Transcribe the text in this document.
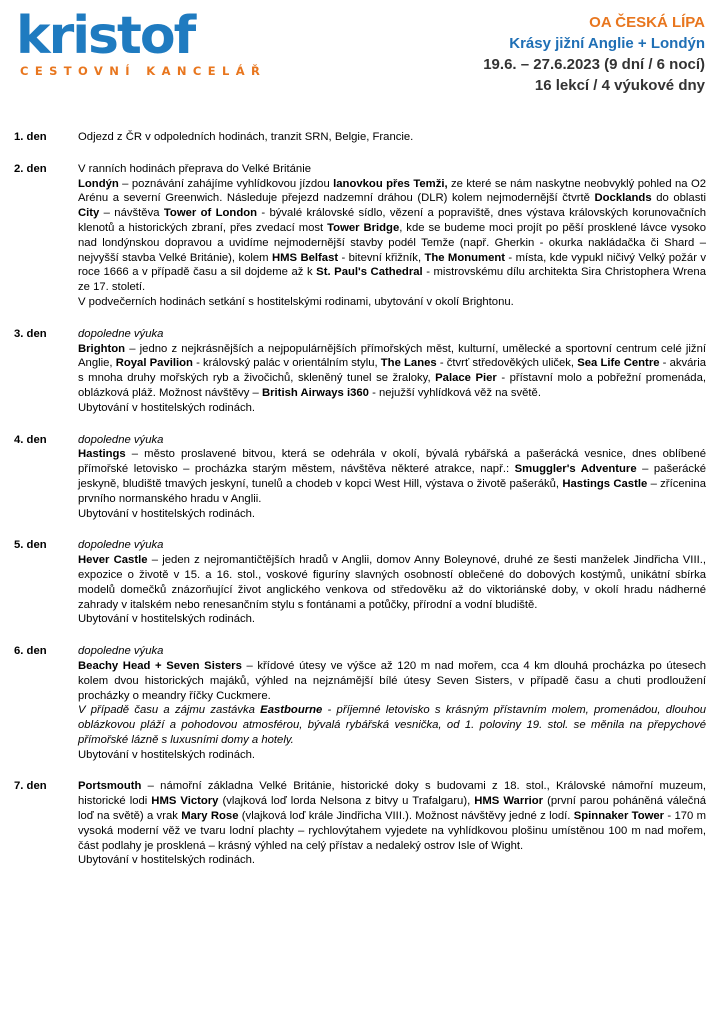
kristof
CESTOVNÍ KANCELÁŘ
OA ČESKÁ LÍPA
Krásy jižní Anglie + Londýn
19.6. – 27.6.2023 (9 dní / 6 nocí)
16 lekcí / 4 výukové dny
1. den	Odjezd z ČR v odpoledních hodinách, tranzit SRN, Belgie, Francie.

2. den	V ranních hodinách přeprava do Velké Británie

Londýn – poznávání zahájíme vyhlídkovou jízdou lanovkou přes Temži, ze které se nám naskytne neobvyklý pohled na O2 Arénu a severní Greenwich. Následuje přejezd nadzemní dráhou (DLR) kolem nejmodernější čtvrtě Docklands do oblasti City – návštěva Tower of London - bývalé královské sídlo, vězení a popraviště, dnes výstava královských korunovačních klenotů a historických zbraní, přes zvedací most Tower Bridge, kde se budeme moci projít po pěší prosklené lávce vysoko nad londýnskou dopravou a uvidíme nejmodernější stavby podél Temže (např. Gherkin - okurka nakládačka či Shard – nejvyšší stavba Velké Británie), kolem HMS Belfast - bitevní křižník, The Monument - místa, kde vypukl ničivý Velký požár v roce 1666 a v případě času a sil dojdeme až k St. Paul's Cathedral - mistrovskému dílu architekta Sira Christophera Wrena ze 17. století.

V podvečerních hodinách setkání s hostitelskými rodinami, ubytování v okolí Brightonu.

3. den	dopoledne výuka

Brighton – jedno z nejkrásnějších a nejpopulárnějších přímořských měst, kulturní, umělecké a sportovní centrum celé jižní Anglie, Royal Pavilion - královský palác v orientálním stylu, The Lanes - čtvrť středověkých uliček, Sea Life Centre - akvária s mnoha druhy mořských ryb a živočichů, skleněný tunel se žraloky, Palace Pier - přístavní molo a pobřežní promenáda, oblázková pláž. Možnost návštěvy – British Airways i360 - nejužší vyhlídková věž na světě.

Ubytování v hostitelských rodinách.

4. den	dopoledne výuka

Hastings – město proslavené bitvou, která se odehrála v okolí, bývalá rybářská a pašerácká vesnice, dnes oblíbené přímořské letovisko – procházka starým městem, návštěva některé atrakce, např.: Smuggler's Adventure – pašerácké jeskyně, bludiště tmavých jeskyní, tunelů a chodeb v kopci West Hill, výstava o životě pašeráků, Hastings Castle – zřícenina prvního normanského hradu v Anglii.

Ubytování v hostitelských rodinách.

5. den	dopoledne výuka

Hever Castle – jeden z nejromantičtějších hradů v Anglii, domov Anny Boleynové, druhé ze šesti manželek Jindřicha VIII., expozice o životě v 15. a 16. stol., voskové figuríny slavných osobností oblečené do dobových kostýmů, unikátní sbírka modelů domečků znázorňující život anglického venkova od středověku až do viktoriánské doby, v okolí hradu nádherné zahrady v italském nebo renesančním stylu s fontánami a potůčky, přírodní a vodní bludiště.

Ubytování v hostitelských rodinách.

6. den	dopoledne výuka

Beachy Head + Seven Sisters – křídové útesy ve výšce až 120 m nad mořem, cca 4 km dlouhá procházka po útesech kolem dvou historických majáků, výhled na nejznámější bílé útesy Seven Sisters, v případě času a chuti prodloužení procházky o meandry říčky Cuckmere.

V případě času a zájmu zastávka Eastbourne - příjemné letovisko s krásným přístavním molem, promenádou, dlouhou oblázkovou pláží a pohodovou atmosférou, bývalá rybářská vesnička, od 1. poloviny 19. stol. se měnila na přepychové přímořské lázně s luxusními domy a hotely.

Ubytování v hostitelských rodinách.

7. den	Portsmouth – námořní základna Velké Británie, historické doky s budovami z 18. stol., Královské námořní muzeum, historické lodi HMS Victory (vlajková loď lorda Nelsona z bitvy u Trafalgaru), HMS Warrior (první parou poháněná válečná loď na světě) a vrak Mary Rose (vlajková loď krále Jindřicha VIII.). Možnost návštěvy jedné z lodí. Spinnaker Tower - 170 m vysoká moderní věž ve tvaru lodní plachty – rychlovýtahem vyjedete na vyhlídkovou plošinu umístěnou 100 m nad mořem, část podlahy je prosklená – krásný výhled na celý přístav a nedaleký ostrov Isle of Wight.

Ubytování v hostitelských rodinách.
